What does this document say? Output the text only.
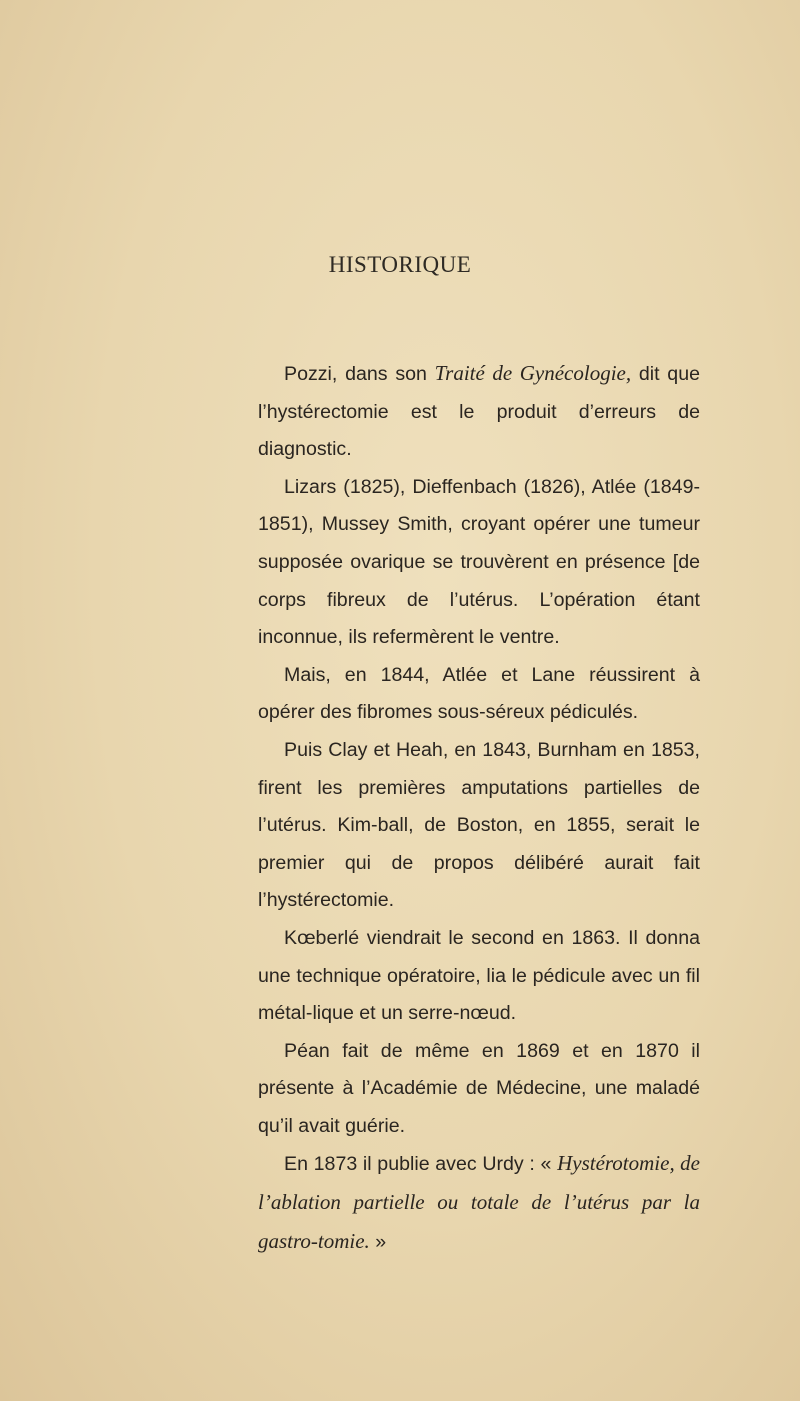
HISTORIQUE

Pozzi, dans son Traité de Gynécologie, dit que l’hystérectomie est le produit d’erreurs de diagnostic.

Lizars (1825), Dieffenbach (1826), Atlée (1849-1851), Mussey Smith, croyant opérer une tumeur supposée ovarique se trouvèrent en présence [de corps fibreux de l’utérus. L’opération étant inconnue, ils refermèrent le ventre.

Mais, en 1844, Atlée et Lane réussirent à opérer des fibromes sous-séreux pédiculés.

Puis Clay et Heah, en 1843, Burnham en 1853, firent les premières amputations partielles de l’utérus. Kim-ball, de Boston, en 1855, serait le premier qui de propos délibéré aurait fait l’hystérectomie.

Kœberlé viendrait le second en 1863. Il donna une technique opératoire, lia le pédicule avec un fil métal-lique et un serre-nœud.

Péan fait de même en 1869 et en 1870 il présente à l’Académie de Médecine, une maladé qu’il avait guérie.

En 1873 il publie avec Urdy : « Hystérotomie, de l’ablation partielle ou totale de l’utérus par la gastro-tomie. »
